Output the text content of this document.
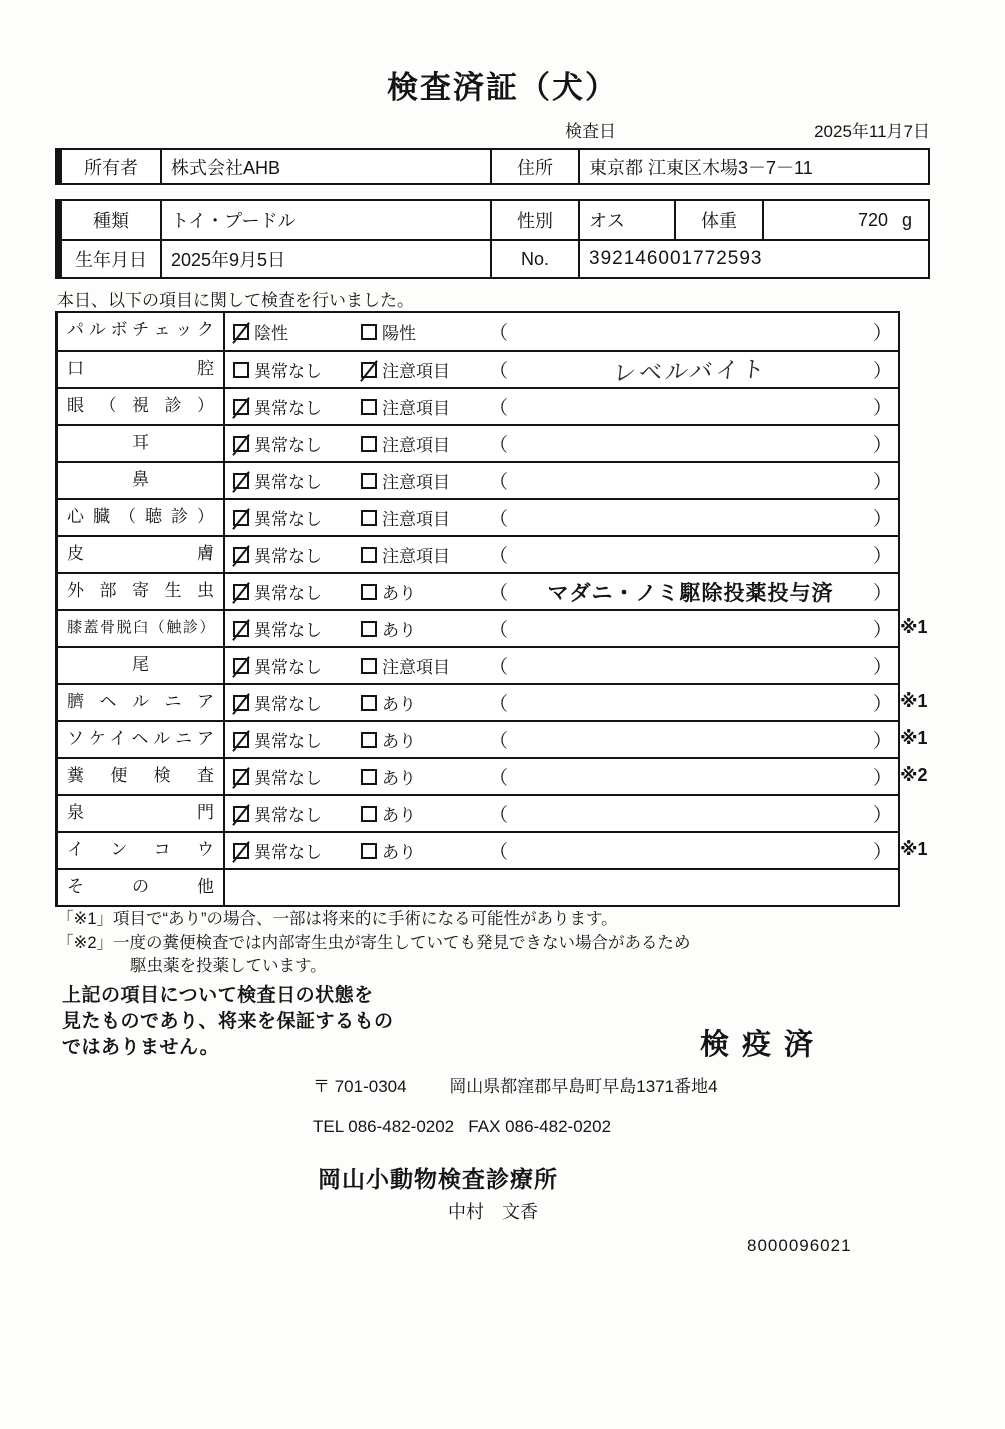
検査済証（犬）
検査日	2025年11月7日
所有者	株式会社AHB	住所	東京都 江東区木場3－7－11
種類	トイ・プードル	性別	オス	体重	720 g
生年月日	2025年9月5日	No.	392146001772593
本日、以下の項目に関して検査を行いました。
パルボチェック	陰性	陽性	（	）
口腔	異常なし	注意項目 （	レベルバイト	）
眼（視診）	異常なし	注意項目 （	）
耳	異常なし	注意項目 （	）
鼻	異常なし	注意項目 （	）
心臓（聴診）	異常なし	注意項目 （	）
皮膚	異常なし	注意項目 （	）
外部寄生虫	異常なし	あり	（	マダニ・ノミ駆除投薬投与済	）
膝蓋骨脱臼（触診）	異常なし	あり	（	） ※1
尾	異常なし	注意項目 （	）
臍ヘルニア	異常なし	あり	（	） ※1
ソケイヘルニア	異常なし	あり	（	） ※1
糞便検査	異常なし	あり	（	） ※2
泉門	異常なし	あり	（	）
インコウ	異常なし	あり	（	） ※1
その他
「※1」項目で“あり”の場合、一部は将来的に手術になる可能性があります。
「※2」一度の糞便検査では内部寄生虫が寄生していても発見できない場合があるため
駆虫薬を投薬しています。
上記の項目について検査日の状態を
見たものであり、将来を保証するもの
ではありません。	検疫済
〒 701-0304	岡山県都窪郡早島町早島1371番地4
TEL 086-482-0202   FAX 086-482-0202
岡山小動物検査診療所
中村　文香
8000096021
